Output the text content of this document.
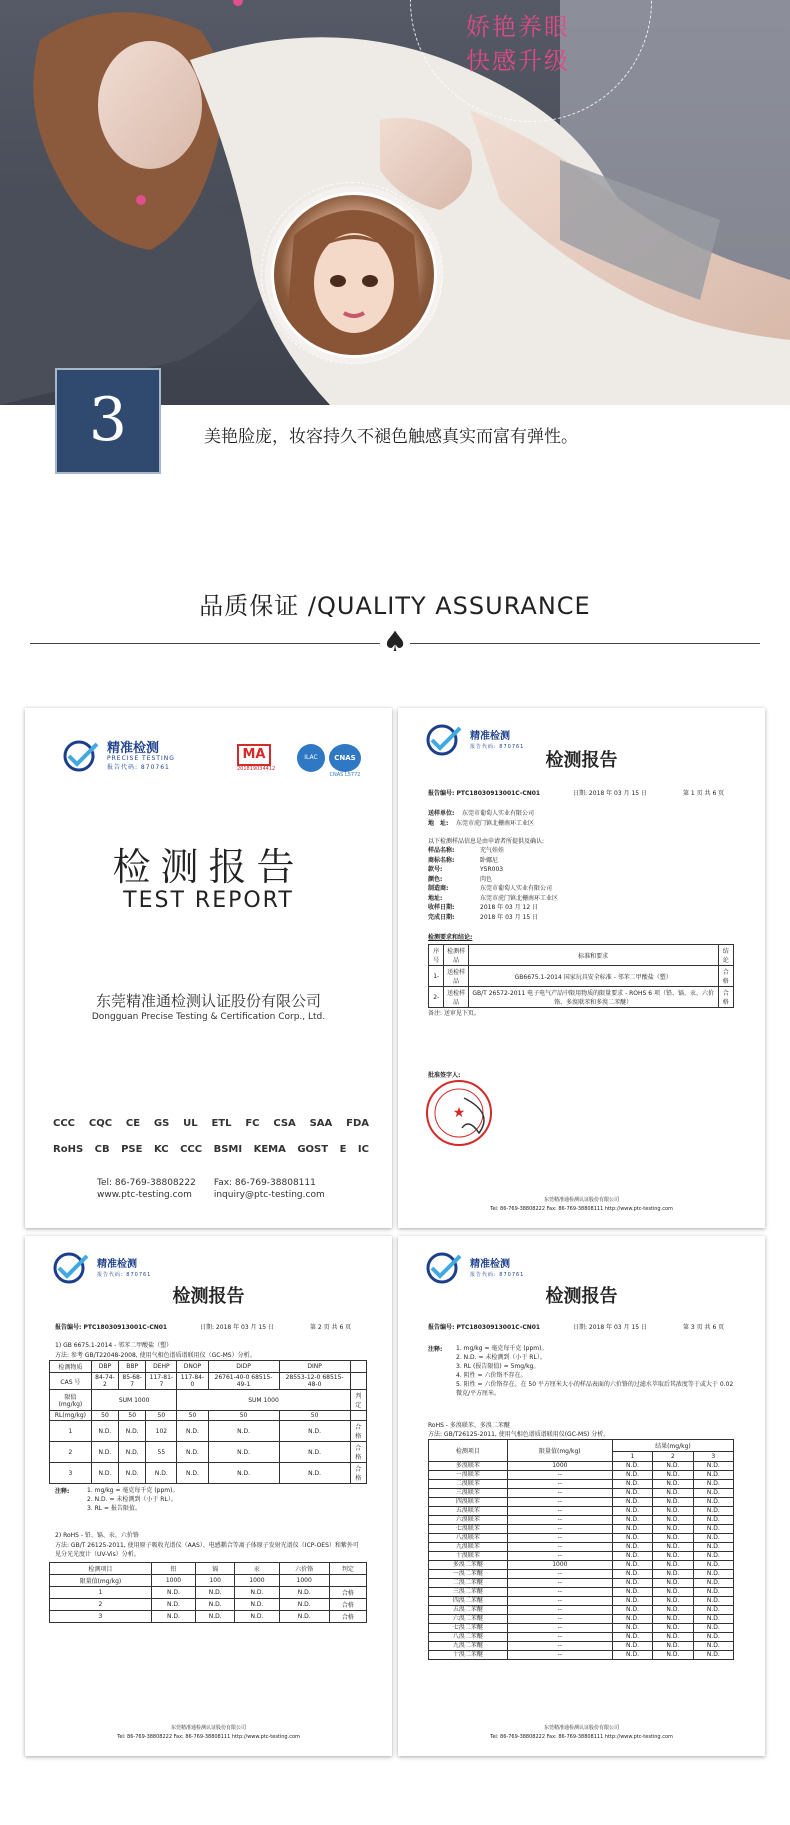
娇艳养眼
快感升级
3	美艳脸庞，妆容持久不褪色触感真实而富有弹性。
品质保证 /QUALITY ASSURANCE
♠
精准检测
PRECISE TESTING
报告代码: 870761
MA
201819034412
ILAC	CNAS
CNAS L5772
检测报告
TEST REPORT
东莞精准通检测认证股份有限公司
Dongguan Precise Testing & Certification Corp., Ltd.
CCC CQC CE GS UL ETL FC CSA SAA FDA
RoHS CB PSE KC CCC BSMI KEMA GOST E IC
Tel: 86-769-38808222 Fax: 86-769-38808111
www.ptc-testing.com	inquiry@ptc-testing.com
精准检测
报告代码: 870761
检测报告
报告编号: PTC18030913001C-CN01	日期: 2018 年 03 月 15 日	第 1 页 共 6 页
送样单位: 东莞市葡萄人实业有限公司
地　址: 东莞市虎门镇北栅南环工业区
以下检测样品信息是由申请者所提供及确认:
样品名称:	充气娃娃
商标名称:	卧娜尼
款号:	YSR003
颜色:	肉色
制造商:	东莞市葡萄人实业有限公司
地址:	东莞市虎门镇北栅南环工业区
收样日期:	2018 年 03 月 12 日
完成日期:	2018 年 03 月 15 日
检测要求和结论:
序号	检测样品	标准和要求	结论
1-	送检样品	GB6675.1-2014 国家玩具安全标准 - 邻苯二甲酸盐（塑）	合格
2-	送检样品	GB/T 26572-2011 电子电气产品中限用物质的限量要求 - ROHS 6 项（铅、镉、汞、六价铬、多溴联苯和多溴二苯醚）	合格
备注: 送审见下页。
批准签字人:
★
东莞精准通检测认证股份有限公司
Tel: 86-769-38808222 Fax: 86-769-38808111 http://www.ptc-testing.com
精准检测
报告代码: 870761
检测报告
报告编号: PTC18030913001C-CN01	日期: 2018 年 03 月 15 日	第 2 页 共 6 页
1) GB 6675.1-2014 - 邻苯二甲酸盐（塑）
方法: 参考 GB/T22048-2008, 使用气相色谱质谱联用仪（GC-MS）分析。
检测物质	DBP	BBP	DEHP	DNOP	DIDP	DINP	
CAS 号	84-74-2	85-68-7	117-81-7	117-84-0	26761-40-0 68515-49-1	28553-12-0 68515-48-0	
限值 (mg/kg)	SUM 1000			SUM 1000			判定
RL(mg/kg)	50	50	50	50	50	50	
1	N.D.	N.D.	102	N.D.	N.D.	N.D.	合格
2	N.D.	N.D.	55	N.D.	N.D.	N.D.	合格
3	N.D.	N.D.	N.D.	N.D.	N.D.	N.D.	合格
注释:	1. mg/kg = 毫克每千克 (ppm)。
2. N.D. = 未检测到（小于 RL）。
3. RL = 报告限值。
2) RoHS - 铅、镉、汞、六价铬
方法: GB/T 26125-2011, 使用原子吸收光谱仪（AAS）、电感耦合等离子体原子发射光谱仪（ICP-OES）和紫外可见分光光度计（UV-Vis）分析。
检测项目	铅	镉	汞	六价铬	判定
限量值(mg/kg)	1000	100	1000	1000	
1	N.D.	N.D.	N.D.	N.D.	合格
2	N.D.	N.D.	N.D.	N.D.	合格
3	N.D.	N.D.	N.D.	N.D.	合格
东莞精准通检测认证股份有限公司
Tel: 86-769-38808222 Fax: 86-769-38808111 http://www.ptc-testing.com
精准检测
报告代码: 870761
检测报告
报告编号: PTC18030913001C-CN01	日期: 2018 年 03 月 15 日	第 3 页 共 6 页
注释: 1. mg/kg = 毫克每千克 (ppm)。
2. N.D. = 未检测到（小于 RL）。
3. RL (报告限值) = 5mg/kg。
4. 阴性 = 六价铬不存在。
5. 阳性 = 六价铬存在。在 50 平方厘米大小的样品表面的六价铬的过滤水萃取后其浓度等于或大于 0.02 微克/平方厘米。
RoHS - 多溴联苯、多溴二苯醚
方法: GB/T26125-2011, 使用气相色谱质谱联用仪(GC-MS) 分析。
检测项目	限量值(mg/kg)	结果(mg/kg)		
		1	2	3
多溴联苯	1000	N.D.	N.D.	N.D.
一溴联苯	--	N.D.	N.D.	N.D.
二溴联苯	--	N.D.	N.D.	N.D.
三溴联苯	--	N.D.	N.D.	N.D.
四溴联苯	--	N.D.	N.D.	N.D.
五溴联苯	--	N.D.	N.D.	N.D.
六溴联苯	--	N.D.	N.D.	N.D.
七溴联苯	--	N.D.	N.D.	N.D.
八溴联苯	--	N.D.	N.D.	N.D.
九溴联苯	--	N.D.	N.D.	N.D.
十溴联苯	--	N.D.	N.D.	N.D.
多溴二苯醚	1000	N.D.	N.D.	N.D.
一溴二苯醚	--	N.D.	N.D.	N.D.
二溴二苯醚	--	N.D.	N.D.	N.D.
三溴二苯醚	--	N.D.	N.D.	N.D.
四溴二苯醚	--	N.D.	N.D.	N.D.
五溴二苯醚	--	N.D.	N.D.	N.D.
六溴二苯醚	--	N.D.	N.D.	N.D.
七溴二苯醚	--	N.D.	N.D.	N.D.
八溴二苯醚	--	N.D.	N.D.	N.D.
九溴二苯醚	--	N.D.	N.D.	N.D.
十溴二苯醚	--	N.D.	N.D.	N.D.
东莞精准通检测认证股份有限公司
Tel: 86-769-38808222 Fax: 86-769-38808111 http://www.ptc-testing.com
